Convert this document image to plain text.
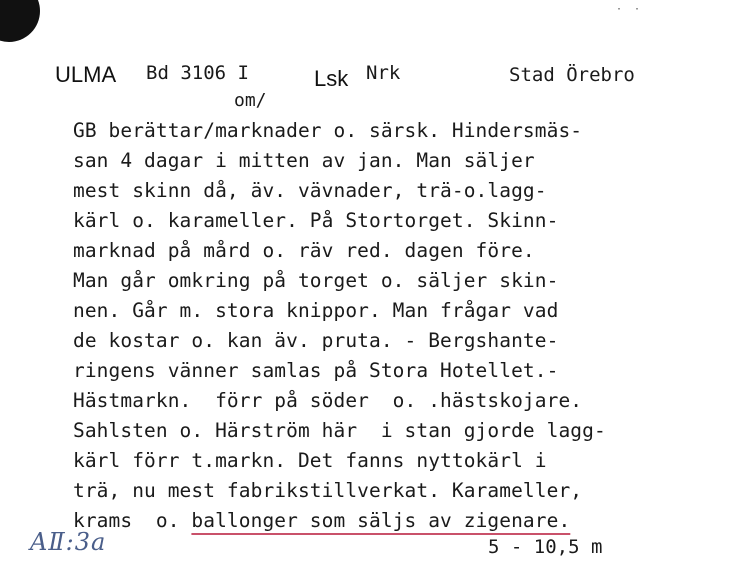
· ·
ULMA Bd 3106 I
om/
Lsk Nrk	Stad Örebro
GB berättar/marknader o. särsk. Hindersmäs-
san 4 dagar i mitten av jan. Man säljer
mest skinn då, äv. vävnader, trä-o.lagg-
kärl o. karameller. På Stortorget. Skinn-
marknad på mård o. räv red. dagen före.
Man går omkring på torget o. säljer skin-
nen. Går m. stora knippor. Man frågar vad
de kostar o. kan äv. pruta. - Bergshante-
ringens vänner samlas på Stora Hotellet.-
Hästmarkn.  förr på söder  o. .hästskojare.
Sahlsten o. Härström här  i stan gjorde lagg-
kärl förr t.markn. Det fanns nyttokärl i
trä, nu mest fabrikstillverkat. Karameller,
krams  o. ballonger som säljs av zigenare.
AⅡ:3a	5 - 10,5 m
